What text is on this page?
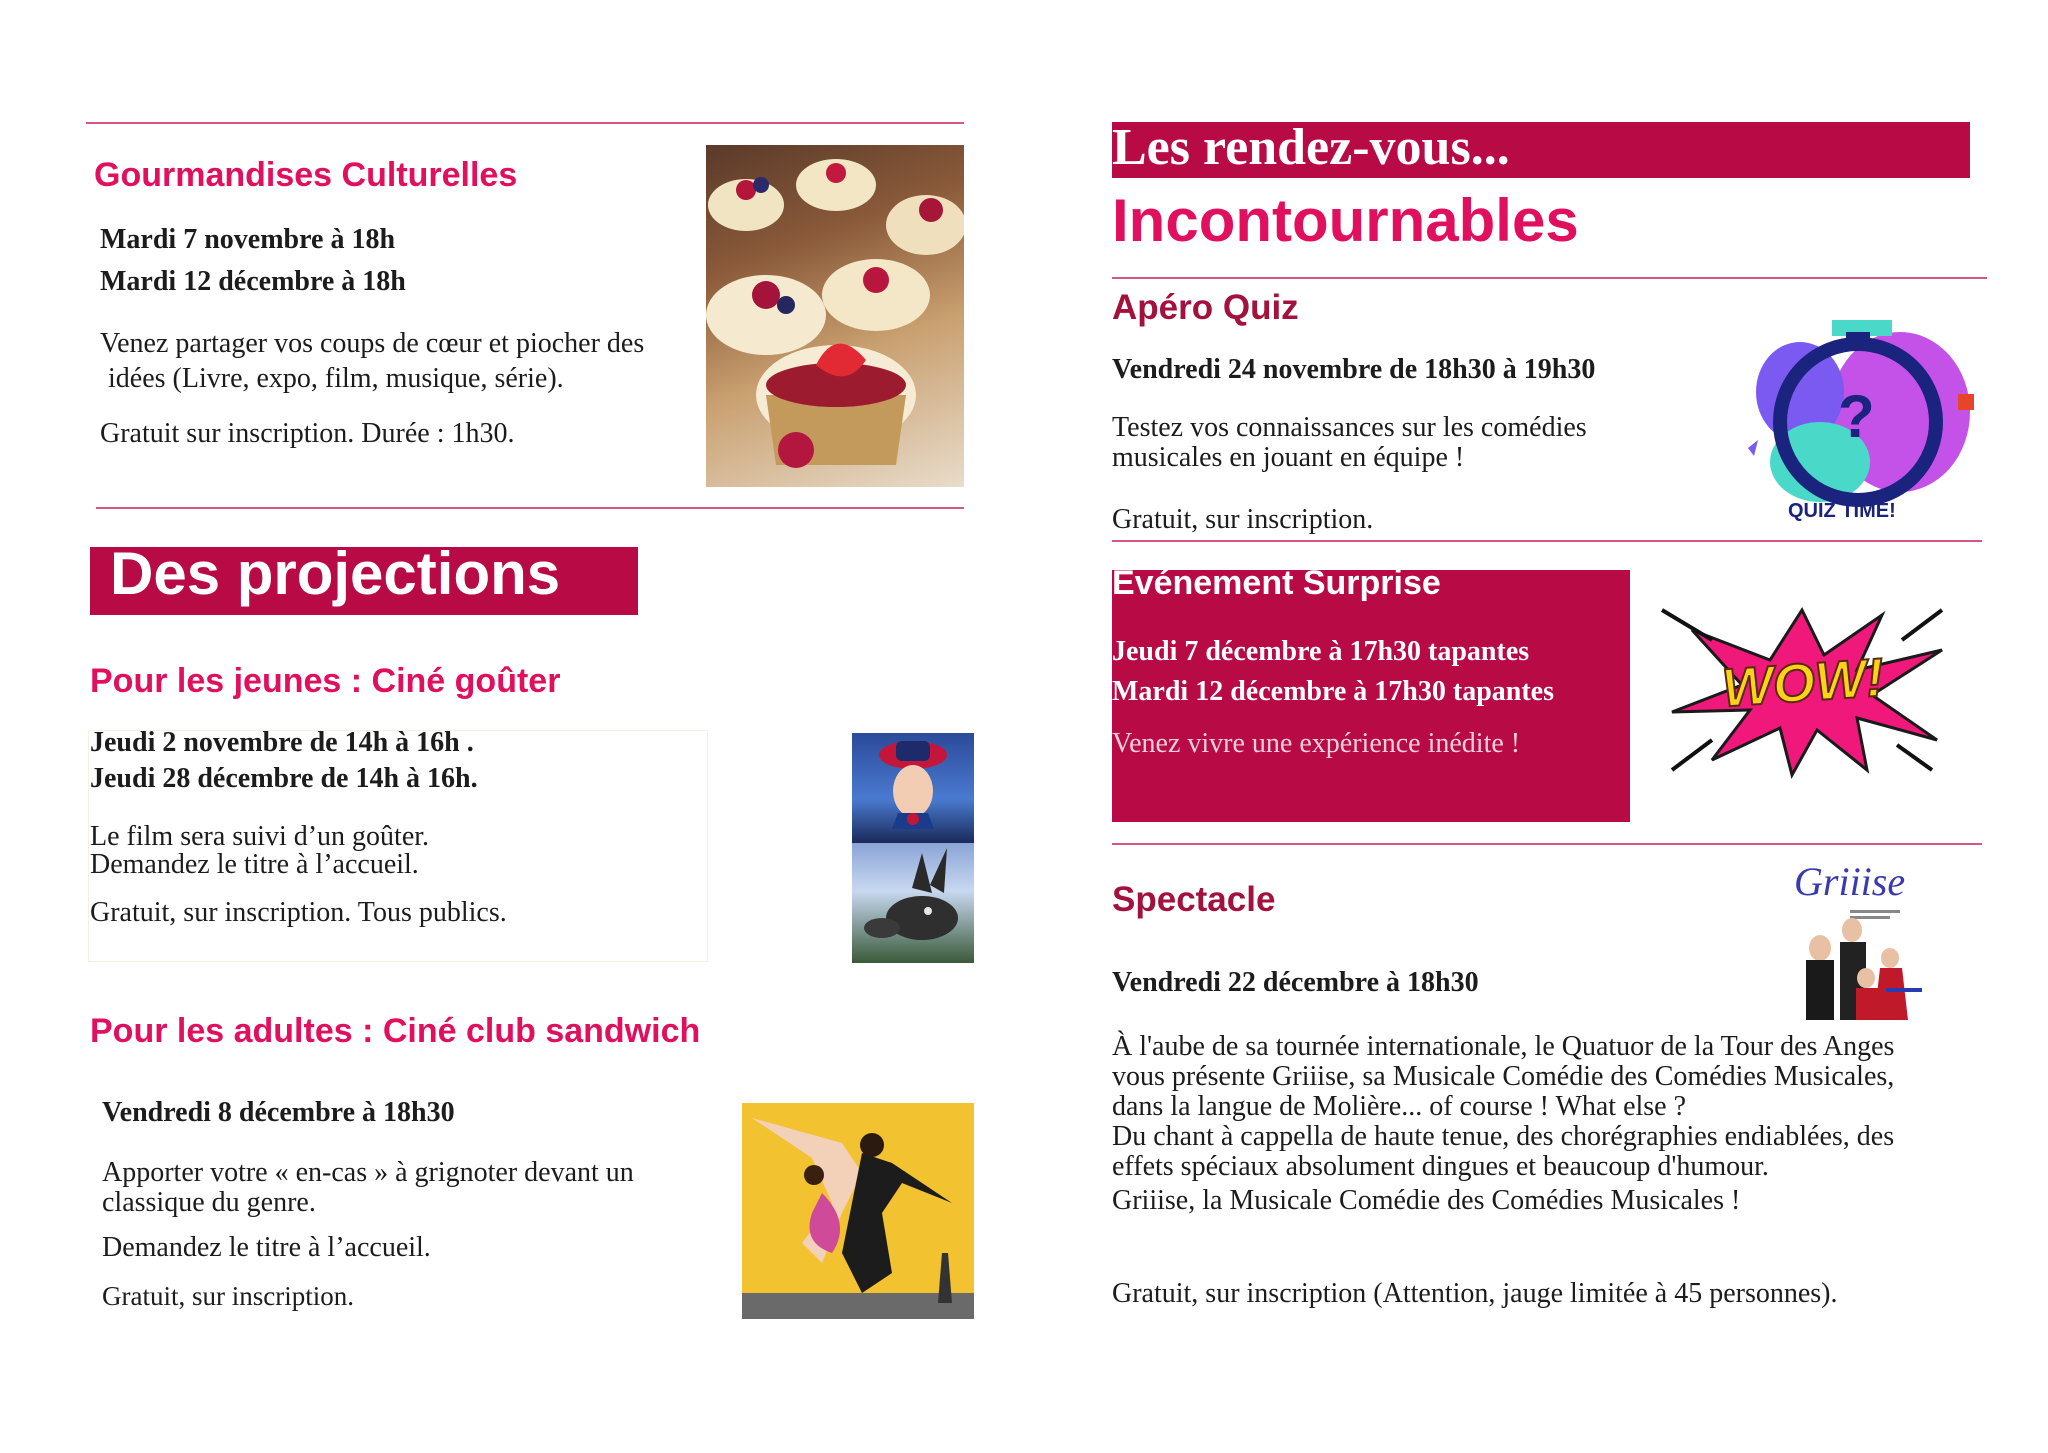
Gourmandises Culturelles
Mardi 7 novembre à 18h
Mardi 12 décembre à 18h
Venez partager vos coups de cœur et piocher des
idées (Livre, expo, film, musique, série).
Gratuit sur inscription. Durée : 1h30.
Des projections
Pour les jeunes : Ciné goûter
Jeudi 2 novembre de 14h à 16h .
Jeudi 28 décembre de 14h à 16h.
Le film sera suivi d’un goûter.
Demandez le titre à l’accueil.
Gratuit, sur inscription. Tous publics.
Pour les adultes : Ciné club sandwich
Vendredi 8 décembre à 18h30
Apporter votre « en-cas » à grignoter devant un
classique du genre.
Demandez le titre à l’accueil.
Gratuit, sur inscription.
Les rendez-vous...
Incontournables
Apéro Quiz
Vendredi 24 novembre de 18h30 à 19h30
Testez vos connaissances sur les comédies
musicales en jouant en équipe !
Gratuit, sur inscription.
?
QUIZ TIME!
Evénement Surprise
Jeudi 7 décembre à 17h30 tapantes
Mardi 12 décembre à 17h30 tapantes
Venez vivre une expérience inédite !
WOW!
Spectacle	Griiise
Vendredi 22 décembre à 18h30
À l'aube de sa tournée internationale, le Quatuor de la Tour des Anges
vous présente Griiise, sa Musicale Comédie des Comédies Musicales,
dans la langue de Molière... of course ! What else ?
Du chant à cappella de haute tenue, des chorégraphies endiablées, des
effets spéciaux absolument dingues et beaucoup d'humour.
Griiise, la Musicale Comédie des Comédies Musicales !
Gratuit, sur inscription (Attention, jauge limitée à 45 personnes).
